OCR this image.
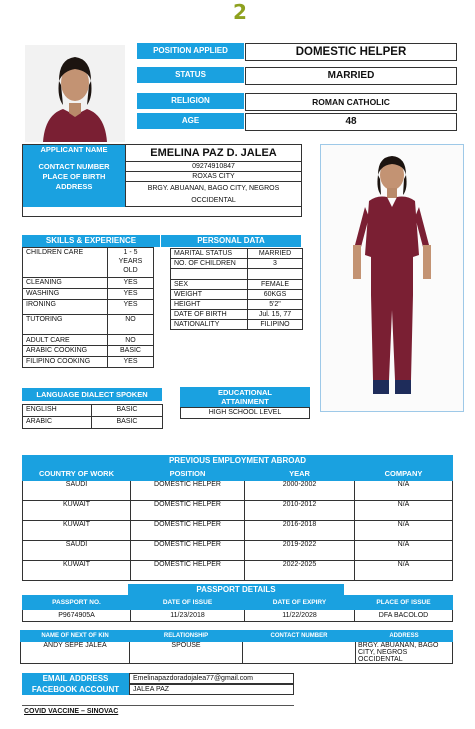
2
POSITION APPLIED	DOMESTIC HELPER
STATUS	MARRIED
RELIGION	ROMAN CATHOLIC
AGE	48
APPLICANT NAME	EMELINA PAZ D. JALEA
CONTACT NUMBER	09274910847
PLACE OF BIRTH	ROXAS CITY
ADDRESS	BRGY. ABUANAN, BAGO CITY, NEGROS OCCIDENTAL
SKILLS & EXPERIENCE
CHILDREN CARE	1 - 5 YEARS OLD
CLEANING	YES
WASHING	YES
IRONING	YES
TUTORING	NO
ADULT CARE	NO
ARABIC COOKING	BASIC
FILIPINO COOKING	YES
PERSONAL DATA
MARITAL STATUS	MARRIED
NO. OF CHILDREN	3

SEX	FEMALE
WEIGHT	60KGS
HEIGHT	5'2"
DATE OF BIRTH	Jul. 15, 77
NATIONALITY	FILIPINO
LANGUAGE DIALECT SPOKEN
ENGLISH	BASIC
ARABIC	BASIC
EDUCATIONAL ATTAINMENT
HIGH SCHOOL LEVEL
PREVIOUS EMPLOYMENT ABROAD
COUNTRY OF WORK	POSITION	YEAR	COMPANY
SAUDI	DOMESTIC HELPER	2000-2002	N/A
KUWAIT	DOMESTIC HELPER	2010-2012	N/A
KUWAIT	DOMESTIC HELPER	2016-2018	N/A
SAUDI	DOMESTIC HELPER	2019-2022	N/A
KUWAIT	DOMESTIC HELPER	2022-2025	N/A
PASSPORT DETAILS
PASSPORT NO.	DATE OF ISSUE	DATE OF EXPIRY	PLACE OF ISSUE
P9674905A	11/23/2018	11/22/2028	DFA BACOLOD
NAME OF NEXT OF KIN	RELATIONSHIP	CONTACT NUMBER	ADDRESS
ANDY SEPE JALEA	SPOUSE		BRGY. ABUANAN, BAGO CITY, NEGROS OCCIDENTAL
EMAIL ADDRESS	Emelinapazdoradojalea77@gmail.com
FACEBOOK ACCOUNT	JALEA PAZ
COVID VACCINE – SINOVAC
